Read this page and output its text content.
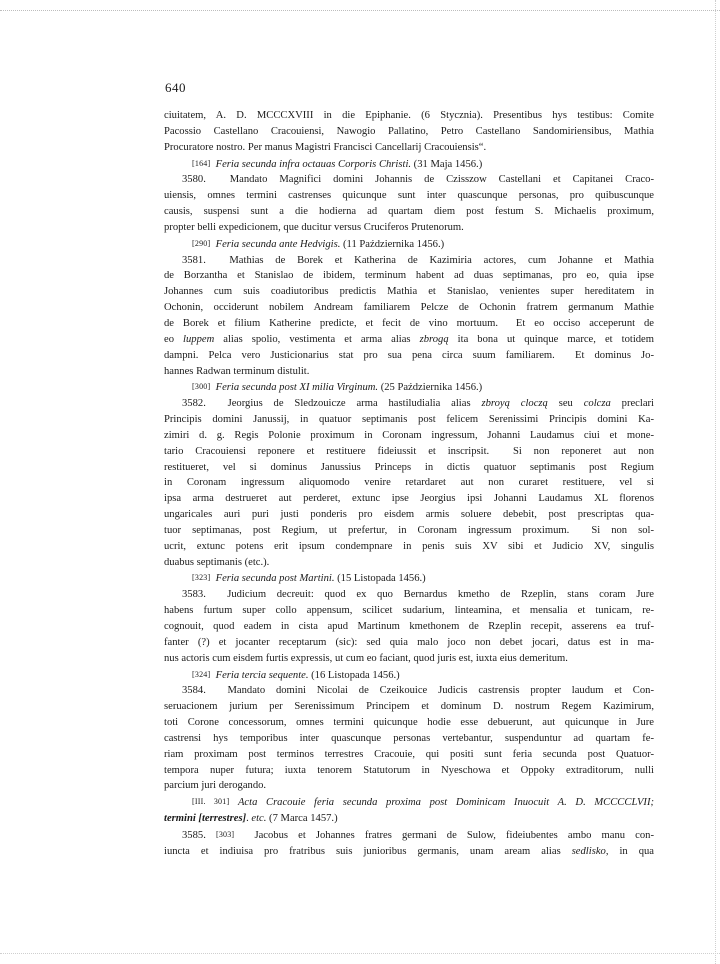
640
ciuitatem, A. D. MCCCXVIII in die Epiphanie. (6 Stycznia). Presentibus hys testibus: Comite
Pacossio Castellano Cracouiensi, Nawogio Pallatino, Petro Castellano Sandomiriensibus, Mathia
Procuratore nostro. Per manus Magistri Francisci Cancellarij Cracouiensis“.
[164] Feria secunda infra octauas Corporis Christi. (31 Maja 1456.)
3580.  Mandato Magnifici domini Johannis de Czisszow Castellani et Capitanei Craco-
uiensis, omnes termini castrenses quicunque sunt inter quascunque personas, pro quibuscunque
causis, suspensi sunt a die hodierna ad quartam diem post festum S. Michaelis proximum,
propter belli expedicionem, que ducitur versus Cruciferos Prutenorum.
[290] Feria secunda ante Hedvigis. (11 Października 1456.)
3581.  Mathias de Borek et Katherina de Kazimiria actores, cum Johanne et Mathia
de Borzantha et Stanislao de ibidem, terminum habent ad duas septimanas, pro eo, quia ipse
Johannes cum suis coadiutoribus predictis Mathia et Stanislao, venientes super hereditatem in
Ochonin, occiderunt nobilem Andream familiarem Pelcze de Ochonin fratrem germanum Mathie
de Borek et filium Katherine predicte, et fecit de vino mortuum.  Et eo occiso acceperunt de
eo luppem alias spolio, vestimenta et arma alias zbrogą ita bona ut quinque marce, et totidem
dampni. Pelca vero Justicionarius stat pro sua pena circa suum familiarem.  Et dominus Jo-
hannes Radwan terminum distulit.
[300] Feria secunda post XI milia Virginum. (25 Października 1456.)
3582.  Jeorgius de Sledzouicze arma hastiludialia alias zbroyą cloczą seu colcza preclari
Principis domini Janussij, in quatuor septimanis post felicem Serenissimi Principis domini Ka-
zimiri d. g. Regis Polonie proximum in Coronam ingressum, Johanni Laudamus ciui et mone-
tario Cracouiensi reponere et restituere fideiussit et inscripsit.  Si non reponeret aut non
restitueret, vel si dominus Janussius Princeps in dictis quatuor septimanis post Regium
in Coronam ingressum aliquomodo venire retardaret aut non curaret restituere, vel si
ipsa arma destrueret aut perderet, extunc ipse Jeorgius ipsi Johanni Laudamus XL florenos
ungaricales auri puri justi ponderis pro eisdem armis soluere debebit, post prescriptas qua-
tuor septimanas, post Regium, ut prefertur, in Coronam ingressum proximum.  Si non sol-
ucrit, extunc potens erit ipsum condempnare in penis suis XV sibi et Judicio XV, singulis
duabus septimanis (etc.).
[323] Feria secunda post Martini. (15 Listopada 1456.)
3583.  Judicium decreuit: quod ex quo Bernardus kmetho de Rzeplin, stans coram Jure
habens furtum super collo appensum, scilicet sudarium, linteamina, et mensalia et tunicam, re-
cognouit, quod eadem in cista apud Martinum kmethonem de Rzeplin recepit, asserens ea truf-
fanter (?) et jocanter receptarum (sic): sed quia malo joco non debet jocari, datus est in ma-
nus actoris cum eisdem furtis expressis, ut cum eo faciant, quod juris est, iuxta eius demeritum.
[324] Feria tercia sequente. (16 Listopada 1456.)
3584.  Mandato domini Nicolai de Czeikouice Judicis castrensis propter laudum et Con-
seruacionem jurium per Serenissimum Principem et dominum D. nostrum Regem Kazimirum,
toti Corone concessorum, omnes termini quicunque hodie esse debuerunt, aut quicunque in Jure
castrensi hys temporibus inter quascunque personas vertebantur, suspenduntur ad quartam fe-
riam proximam post terminos terrestres Cracouie, qui positi sunt feria secunda post Quatuor-
tempora nuper futura; iuxta tenorem Statutorum in Nyeschowa et Oppoky extraditorum, nulli
parcium juri derogando.
[III. 301] Acta Cracouie feria secunda proxima post Dominicam Inuocuit A. D. MCCCCLVII;
termini [terrestres]. etc. (7 Marca 1457.)
3585. [303]  Jacobus et Johannes fratres germani de Sulow, fideiubentes ambo manu con-
iuncta et indiuisa pro fratribus suis junioribus germanis, unam aream alias sedlisko, in qua
